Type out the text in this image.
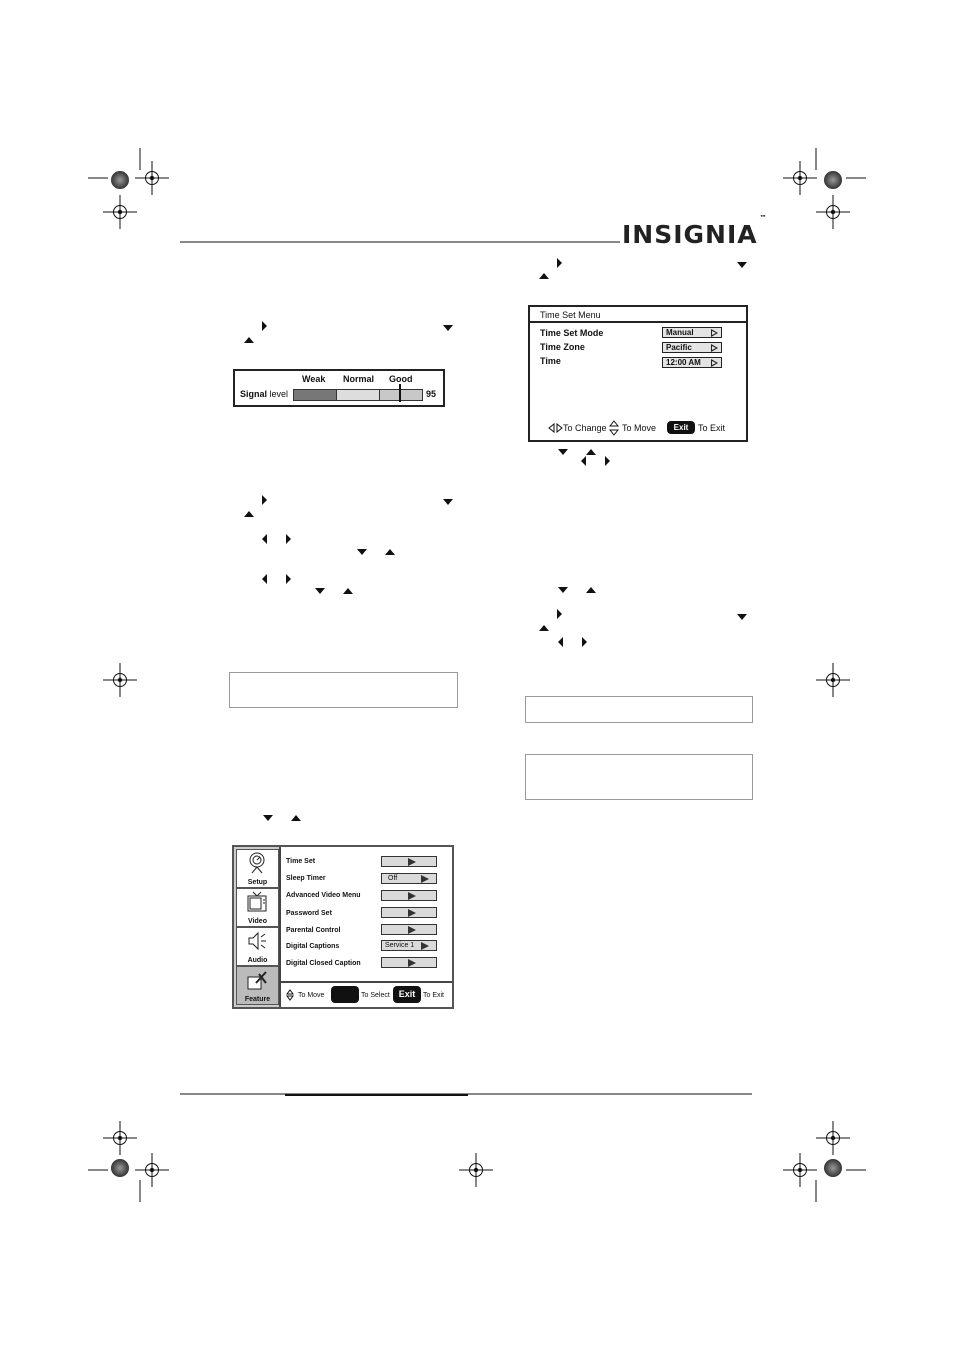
INSIGNIA™
Weak Normal Good
Signal level	95
Time Set Menu
Time Set Mode	Manual
Time Zone	Pacific
Time	12:00 AM
To Change To Move	Exit	To Exit
Setup
Video
Audio
Feature
Time Set
Sleep Timer	Off
Advanced Video Menu
Password Set
Parental Control
Digital Captions	Service 1
Digital Closed Caption
To Move	To Select Exit	To Exit
